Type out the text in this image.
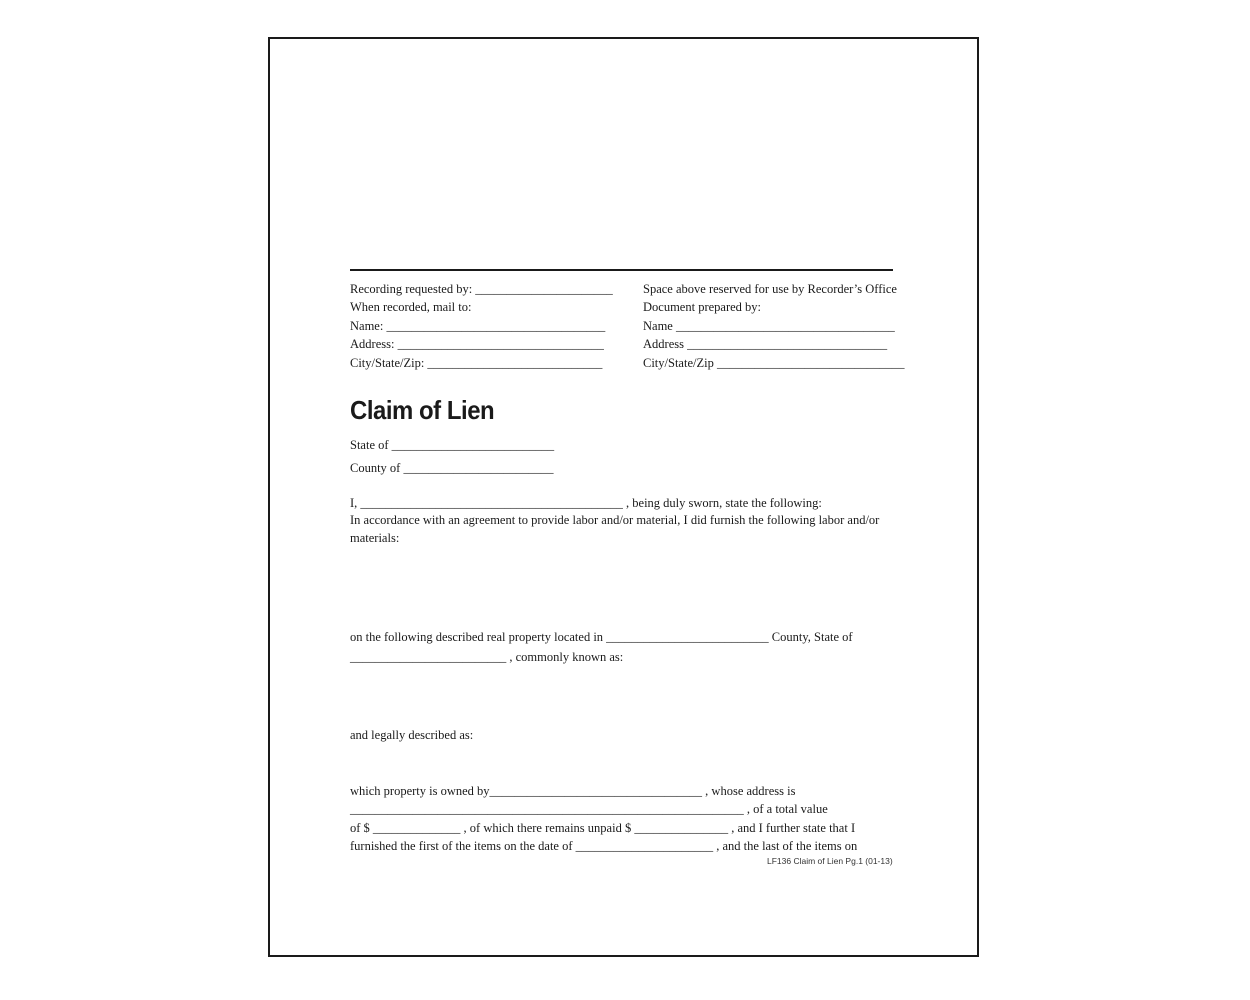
Recording requested by: ______________________
When recorded, mail to:
Name: ___________________________________
Address: _________________________________
City/State/Zip: ____________________________
Space above reserved for use by Recorder’s Office
Document prepared by:
Name ___________________________________
Address ________________________________
City/State/Zip ______________________________
Claim of Lien
State of __________________________
County of ________________________
I, __________________________________________ , being duly sworn, state the following:
In accordance with an agreement to provide labor and/or material, I did furnish the following labor and/or
materials:
on the following described real property located in __________________________ County, State of
_________________________ , commonly known as:
and legally described as:
which property is owned by__________________________________ , whose address is
_______________________________________________________________ , of a total value
of $ ______________ , of which there remains unpaid $ _______________ , and I further state that I
furnished the first of the items on the date of ______________________ , and the last of the items on
LF136 Claim of Lien Pg.1 (01-13)
